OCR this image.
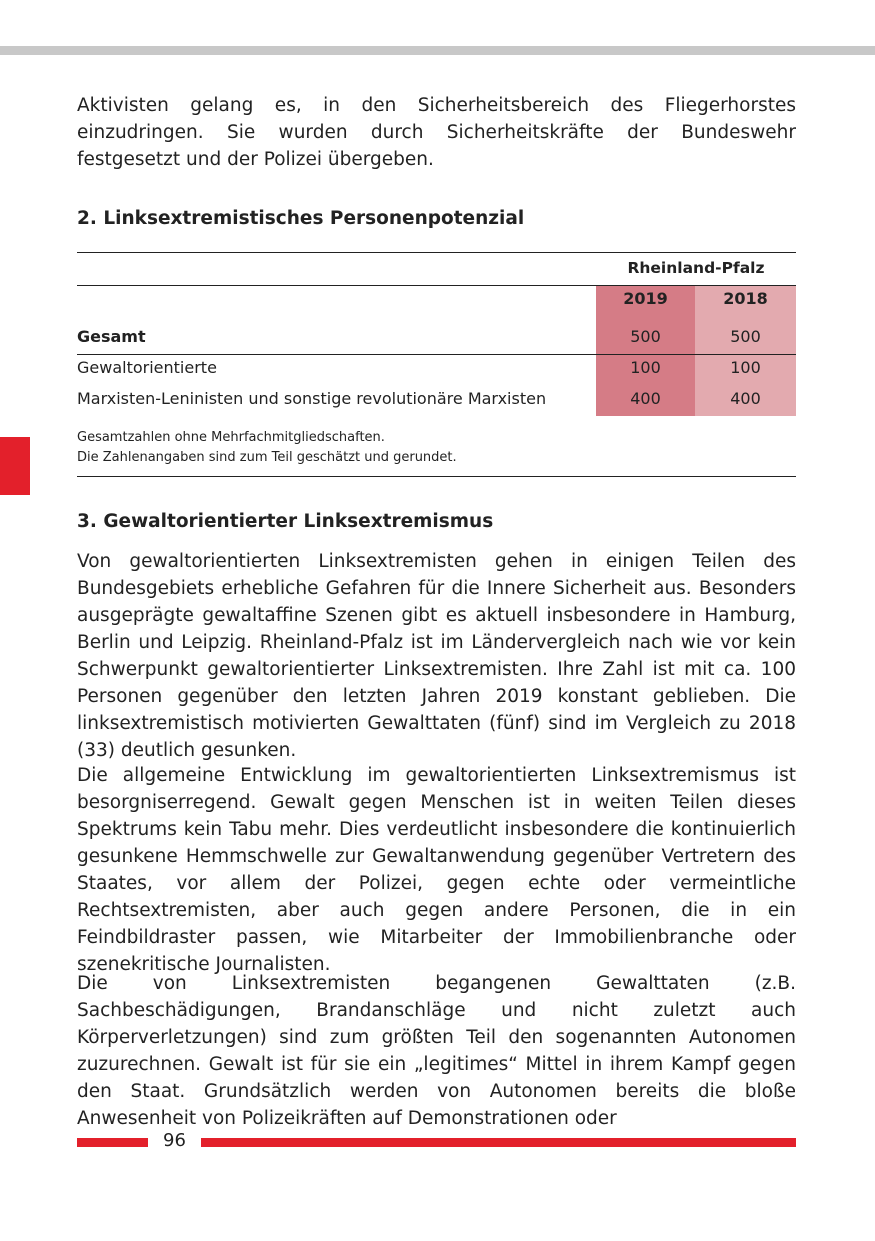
Aktivisten gelang es, in den Sicherheitsbereich des Fliegerhorstes einzudringen. Sie wurden durch Sicherheitskräfte der Bundeswehr festgesetzt und der Polizei übergeben.

2. Linksextremistisches Personenpotenzial
Rheinland-Pfalz
2019	2018
Gesamt	500	500
Gewaltorientierte	100	100
Marxisten-Leninisten und sonstige revolutionäre Marxisten	400	400
Gesamtzahlen ohne Mehrfachmitgliedschaften.
Die Zahlenangaben sind zum Teil geschätzt und gerundet.
3. Gewaltorientierter Linksextremismus

Von gewaltorientierten Linksextremisten gehen in einigen Teilen des Bundesgebiets erhebliche Gefahren für die Innere Sicherheit aus. Besonders ausgeprägte gewaltaffine Szenen gibt es aktuell insbesondere in Hamburg, Berlin und Leipzig. Rheinland-Pfalz ist im Ländervergleich nach wie vor kein Schwerpunkt gewaltorientierter Linksextremisten. Ihre Zahl ist mit ca. 100 Personen gegenüber den letzten Jahren 2019 konstant geblieben. Die linksextremistisch motivierten Gewalttaten (fünf) sind im Vergleich zu 2018 (33) deutlich gesunken.

Die allgemeine Entwicklung im gewaltorientierten Linksextremismus ist besorgniserregend. Gewalt gegen Menschen ist in weiten Teilen dieses Spektrums kein Tabu mehr. Dies verdeutlicht insbesondere die kontinuierlich gesunkene Hemmschwelle zur Gewaltanwendung gegenüber Vertretern des Staates, vor allem der Polizei, gegen echte oder vermeintliche Rechtsextremisten, aber auch gegen andere Personen, die in ein Feindbildraster passen, wie Mitarbeiter der Immobilienbranche oder szenekritische Journalisten.

Die von Linksextremisten begangenen Gewalttaten (z.B. Sachbeschädigungen, Brandanschläge und nicht zuletzt auch Körperverletzungen) sind zum größten Teil den sogenannten Autonomen zuzurechnen. Gewalt ist für sie ein „legitimes“ Mittel in ihrem Kampf gegen den Staat. Grundsätzlich werden von Autonomen bereits die bloße Anwesenheit von Polizeikräften auf Demonstrationen oder

96
